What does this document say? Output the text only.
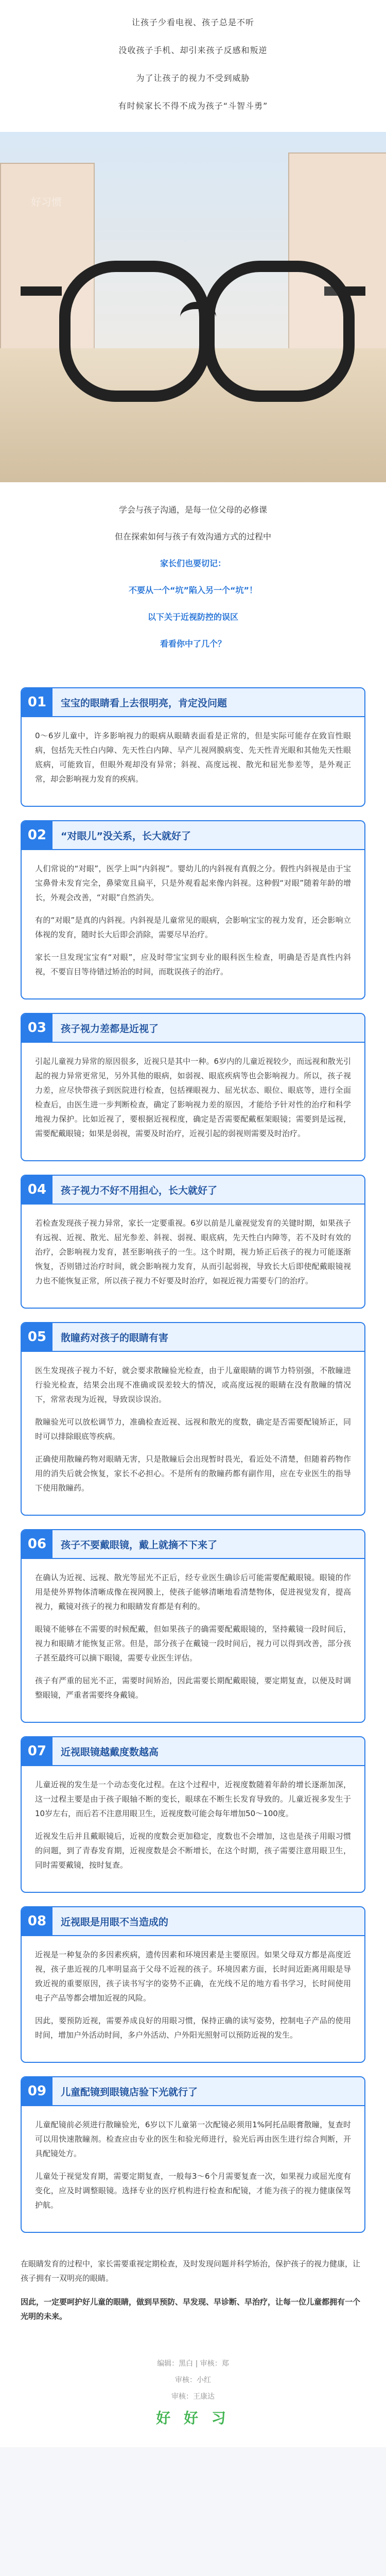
让孩子少看电视、孩子总是不听

没收孩子手机、却引来孩子反感和叛逆

为了让孩子的视力不受到威胁

有时候家长不得不成为孩子“斗智斗勇”

好习惯

学会与孩子沟通，是每一位父母的必修课

但在探索如何与孩子有效沟通方式的过程中

家长们也要切记：

不要从一个“坑”陷入另一个“坑”！

以下关于近视防控的误区

看看你中了几个？

01	宝宝的眼睛看上去很明亮，肯定没问题

0～6岁儿童中，许多影响视力的眼病从眼睛表面看是正常的，但是实际可能存在致盲性眼病，包括先天性白内障、先天性白内障、早产儿视网膜病变、先天性青光眼和其他先天性眼底病，可能致盲，但眼外观却没有异常；斜视、高度远视、散光和屈光参差等，是外观正常，却会影响视力发育的疾病。

02	“对眼儿”没关系，长大就好了

人们常说的“对眼”，医学上叫“内斜视”。婴幼儿的内斜视有真假之分。假性内斜视是由于宝宝鼻骨未发育完全，鼻梁宽且扁平，只是外观看起来像内斜视。这种假“对眼”随着年龄的增长，外观会改善，“对眼”自然消失。

有的“对眼”是真的内斜视。内斜视是儿童常见的眼病，会影响宝宝的视力发育，还会影响立体视的发育，随时长大后即会消除，需要尽早治疗。

家长一旦发现宝宝有“对眼”，应及时带宝宝到专业的眼科医生检查，明确是否是真性内斜视，不要盲目等待错过矫治的时间，而耽误孩子的治疗。

03	孩子视力差都是近视了

引起儿童视力异常的原因很多，近视只是其中一种。6岁内的儿童近视较少，而远视和散光引起的视力异常更常见，另外其他的眼病，如弱视、眼底疾病等也会影响视力。所以，孩子视力差，应尽快带孩子到医院进行检查，包括裸眼视力、屈光状态、眼位、眼底等，进行全面检查后，由医生进一步判断检查，确定了影响视力差的原因，才能给予针对性的治疗和科学地视力保护。比如近视了，要根据近视程度，确定是否需要配戴框架眼镜；需要到是远视，需要配戴眼镜；如果是弱视，需要及时治疗，近视引起的弱视则需要及时治疗。

04	孩子视力不好不用担心，长大就好了

若检查发现孩子视力异常，家长一定要重视。6岁以前是儿童视觉发育的关键时期，如果孩子有远视、近视、散光、屈光参差、斜视、弱视、眼底病，先天性白内障等，若不及时有效的治疗，会影响视力发育，甚至影响孩子的一生。这个时期，视力矫正后孩子的视力可能逐渐恢复，否则错过治疗时间，就会影响视力发育，从而引起弱视，导致长大后即使配戴眼镜视力也不能恢复正常，所以孩子视力不好要及时治疗，如视近视力需要专门的治疗。

05	散瞳药对孩子的眼睛有害

医生发现孩子视力不好，就会要求散瞳验光检查，由于儿童眼睛的调节力特别强，不散瞳进行验光检查，结果会出现不准确或误差较大的情况，或高度远视的眼睛在没有散瞳的情况下，常常表现为近视，导致误诊误治。

散瞳验光可以放松调节力，准确检查近视、远视和散光的度数，确定是否需要配镜矫正，同时可以排除眼底等疾病。

正确使用散瞳药物对眼睛无害，只是散瞳后会出现暂时畏光，看近处不清楚，但随着药物作用的消失后就会恢复，家长不必担心。不是所有的散瞳药都有副作用，应在专业医生的指导下使用散瞳药。

06	孩子不要戴眼镜，戴上就摘不下来了

在确认为近视、远视、散光等屈光不正后，经专业医生确诊后可能需要配戴眼镜。眼镜的作用是使外界物体清晰成像在视网膜上，使孩子能够清晰地看清楚物体，促进视觉发育，提高视力，戴镜对孩子的视力和眼睛发育都是有利的。

眼镜不能够在不需要的时候配戴，但如果孩子的确需要配戴眼镜的，坚持戴镜一段时间后，视力和眼睛才能恢复正常。但是，部分孩子在戴镜一段时间后，视力可以得到改善，部分孩子甚至最终可以摘下眼镜，需要专业医生评估。

孩子有严重的屈光不正，需要时间矫治，因此需要长期配戴眼镜，要定期复查，以便及时调整眼镜，严重者需要终身戴镜。

07	近视眼镜越戴度数越高

儿童近视的发生是一个动态变化过程。在这个过程中，近视度数随着年龄的增长逐渐加深，这一过程主要是由于孩子眼轴不断的变长，眼球在不断生长发育导致的。儿童近视多发生于10岁左右，而后若不注意用眼卫生，近视度数可能会每年增加50～100度。

近视发生后并且戴眼镜后，近视的度数会更加稳定，度数也不会增加，这也是孩子用眼习惯的问题，到了青春发育期，近视度数是会不断增长，在这个时期，孩子需要注意用眼卫生，同时需要戴镜，按时复查。

08	近视眼是用眼不当造成的

近视是一种复杂的多因素疾病，遗传因素和环境因素是主要原因。如果父母双方都是高度近视，孩子患近视的几率明显高于父母不近视的孩子。环境因素方面，长时间近距离用眼是导致近视的重要原因，孩子读书写字的姿势不正确，在光线不足的地方看书学习，长时间使用电子产品等都会增加近视的风险。

因此，要预防近视，需要养成良好的用眼习惯，保持正确的读写姿势，控制电子产品的使用时间，增加户外活动时间，多户外活动、户外阳光照射可以预防近视的发生。

09	儿童配镜到眼镜店验下光就行了

儿童配镜前必须进行散瞳验光，6岁以下儿童第一次配镜必须用1%阿托品眼膏散瞳，复查时可以用快速散瞳剂。检查应由专业的医生和验光师进行，验光后再由医生进行综合判断，开具配镜处方。

儿童处于视觉发育期，需要定期复查，一般每3～6个月需要复查一次，如果视力或屈光度有变化，应及时调整眼镜。选择专业的医疗机构进行检查和配镜，才能为孩子的视力健康保驾护航。

在眼睛发育的过程中，家长需要重视定期检查，及时发现问题并科学矫治，保护孩子的视力健康，让孩子拥有一双明亮的眼睛。

因此，一定要呵护好儿童的眼睛，做到早预防、早发现、早诊断、早治疗，让每一位儿童都拥有一个光明的未来。

编辑：黑白 | 审核：郑
审核：小红
审核：王康达
好 好 习
